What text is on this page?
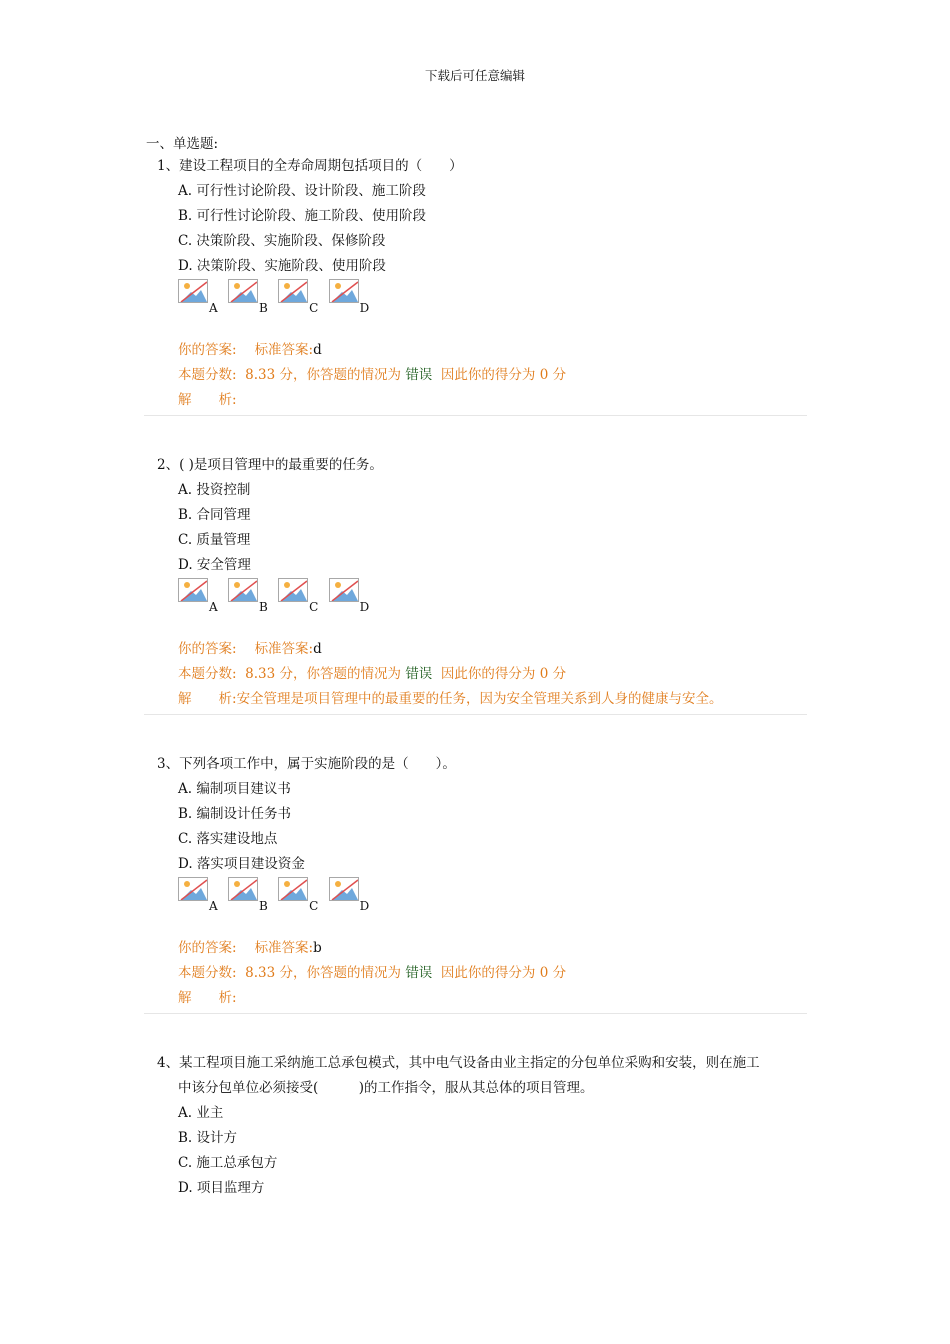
下载后可任意编辑
一、单选题:
1、建设工程项目的全寿命周期包括项目的（　　）
A. 可行性讨论阶段、设计阶段、施工阶段
B. 可行性讨论阶段、施工阶段、使用阶段
C. 决策阶段、实施阶段、保修阶段
D. 决策阶段、实施阶段、使用阶段
A	B	C	D
你的答案: 标准答案:d
本题分数: 8.33 分，你答题的情况为 错误 因此你的得分为 0 分
解　　析:
2、( )是项目管理中的最重要的任务。
A. 投资控制
B. 合同管理
C. 质量管理
D. 安全管理
A	B	C	D
你的答案: 标准答案:d
本题分数: 8.33 分，你答题的情况为 错误 因此你的得分为 0 分
解　　析:安全管理是项目管理中的最重要的任务，因为安全管理关系到人身的健康与安全。
3、下列各项工作中，属于实施阶段的是（　　）。
A. 编制项目建议书
B. 编制设计任务书
C. 落实建设地点
D. 落实项目建设资金
A	B	C	D
你的答案: 标准答案:b
本题分数: 8.33 分，你答题的情况为 错误 因此你的得分为 0 分
解　　析:
4、某工程项目施工采纳施工总承包模式，其中电气设备由业主指定的分包单位采购和安装，则在施工
中该分包单位必须接受(　　　)的工作指令，服从其总体的项目管理。
A. 业主
B. 设计方
C. 施工总承包方
D. 项目监理方
